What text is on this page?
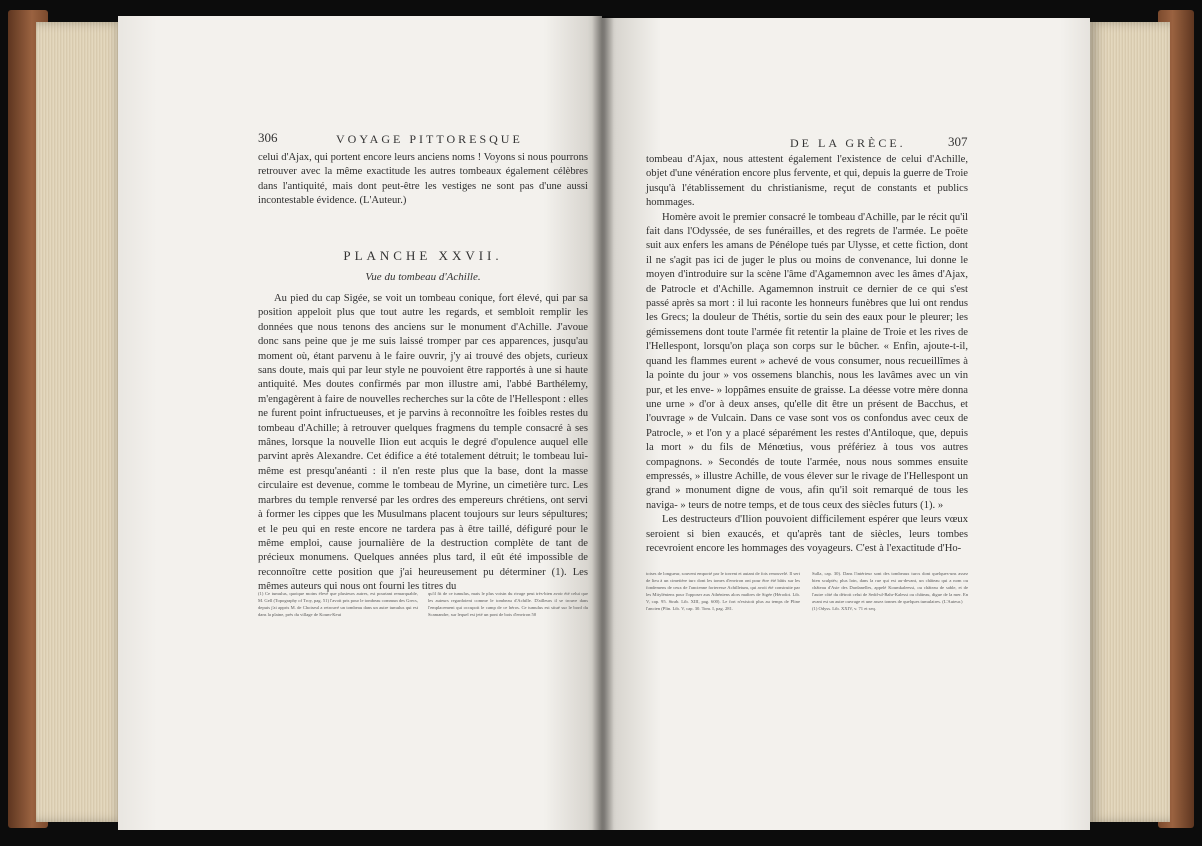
306	VOYAGE PITTORESQUE

celui d'Ajax, qui portent encore leurs anciens noms ! Voyons si nous pourrons retrouver avec la même exactitude les autres tombeaux également célèbres dans l'antiquité, mais dont peut-être les vestiges ne sont pas d'une aussi incontestable évidence. (L'Auteur.)

PLANCHE XXVII.
Vue du tombeau d'Achille.

Au pied du cap Sigée, se voit un tombeau conique, fort élevé, qui par sa position appeloit plus que tout autre les regards, et sembloit remplir les données que nous tenons des anciens sur le monument d'Achille. J'avoue donc sans peine que je me suis laissé tromper par ces apparences, jusqu'au moment où, étant parvenu à le faire ouvrir, j'y ai trouvé des objets, curieux sans doute, mais qui par leur style ne pouvoient être rapportés à une si haute antiquité. Mes doutes confirmés par mon illustre ami, l'abbé Barthélemy, m'engagèrent à faire de nouvelles recherches sur la côte de l'Hellespont : elles ne furent point infructueuses, et je parvins à reconnoître les foibles restes du tombeau d'Achille; à retrouver quelques fragmens du temple consacré à ses mânes, lorsque la nouvelle Ilion eut acquis le degré d'opulence auquel elle parvint après Alexandre. Cet édifice a été totalement détruit; le tombeau lui-même est presqu'anéanti : il n'en reste plus que la base, dont la masse circulaire est devenue, comme le tombeau de Myrine, un cimetière turc. Les marbres du temple renversé par les ordres des empereurs chrétiens, ont servi à former les cippes que les Musulmans placent toujours sur leurs sépultures; et le peu qui en reste encore ne tardera pas à être taillé, défiguré pour le même emploi, cause journalière de la destruction complète de tant de précieux monumens. Quelques années plus tard, il eût été impossible de reconnoître cette position que j'ai heureusement pu déterminer (1). Les mêmes auteurs qui nous ont fourni les titres du

(1) Ce tumulus, quoique moins élevé que plusieurs autres, est pourtant remarquable, M. Gell (Topography of Troy, pag. 51) l'avoit pris pour le tombeau commun des Grecs, depuis j'ai appris M. de Choiseul a retrouvé un tombeau dans un autre tumulus qui est dans la plaine, près du village de Koum-Keui
qu'il fit de ce tumulus, mais le plus voisin du rivage peut très-bien avoir été celui que les auteurs regardoient comme le tombeau d'Achille. D'ailleurs il se trouve dans l'emplacement qui occupoit le camp de ce héros. Ce tumulus est situé sur le bord du Scamandre, sur lequel est jeté un pont de bois d'environ 50
DE LA GRÈCE.	307

tombeau d'Ajax, nous attestent également l'existence de celui d'Achille, objet d'une vénération encore plus fervente, et qui, depuis la guerre de Troie jusqu'à l'établissement du christianisme, reçut de constants et publics hommages.

Homère avoit le premier consacré le tombeau d'Achille, par le récit qu'il fait dans l'Odyssée, de ses funérailles, et des regrets de l'armée. Le poëte suit aux enfers les amans de Pénélope tués par Ulysse, et cette fiction, dont il ne s'agit pas ici de juger le plus ou moins de convenance, lui donne le moyen d'introduire sur la scène l'âme d'Agamemnon avec les âmes d'Ajax, de Patrocle et d'Achille. Agamemnon instruit ce dernier de ce qui s'est passé après sa mort : il lui raconte les honneurs funèbres que lui ont rendus les Grecs; la douleur de Thétis, sortie du sein des eaux pour le pleurer; les gémissemens dont toute l'armée fit retentir la plaine de Troie et les rives de l'Hellespont, lorsqu'on plaça son corps sur le bûcher. « Enfin, ajoute-t-il, quand les flammes eurent » achevé de vous consumer, nous recueillîmes à la pointe du jour » vos ossemens blanchis, nous les lavâmes avec un vin pur, et les enve- » loppâmes ensuite de graisse. La déesse votre mère donna une urne » d'or à deux anses, qu'elle dit être un présent de Bacchus, et l'ouvrage » de Vulcain. Dans ce vase sont vos os confondus avec ceux de Patrocle, » et l'on y a placé séparément les restes d'Antiloque, que, depuis la mort » du fils de Ménœtius, vous préfériez à tous vos autres compagnons. » Secondés de toute l'armée, nous nous sommes ensuite empressés, » illustre Achille, de vous élever sur le rivage de l'Hellespont un grand » monument digne de vous, afin qu'il soit remarqué de tous les naviga- » teurs de notre temps, et de tous ceux des siècles futurs (1). »

Les destructeurs d'Ilion pouvoient difficilement espérer que leurs vœux seroient si bien exaucés, et qu'après tant de siècles, leurs tombes recevroient encore les hommages des voyageurs. C'est à l'exactitude d'Ho-

toises de longueur, souvent emporté par le torrent et autant de fois renouvelé. Il sert de lieu à un cimetière turc dont les tomes d'environ ont pour être été bâtis sur les fondemens de ceux de l'ancienne forteresse Achilleium, qui avoit été construite par les Mityléniens pour l'opposer aux Athéniens alors maîtres de Sigée (Hérodot. Lib. V, cap. 95. Strab. Lib. XIII, pag. 600). Le fort n'existoit plus au temps de Pline l'ancien (Plin. Lib. V, cap. 30. Tom. I, pag. 281.
Sulla, cap. 30). Dans l'intérieur sont des tombeaux turcs dont quelques-uns assez bien sculptés; plus loin, dans la rue qui est au-devant, un château qui a nom ou château d'Asie des Dardanelles, appelé Koumkaleessi, ou château de sable, et de l'autre côté du détroit celui de Sedd-ul-Bahr-Kalessi ou château, digue de la mer. En avant est un autre ouvrage et une assez tonnes de quelques tumulaires. (L'Auteur.)
(1) Odyss. Lib. XXIV, v. 71 et seq.
